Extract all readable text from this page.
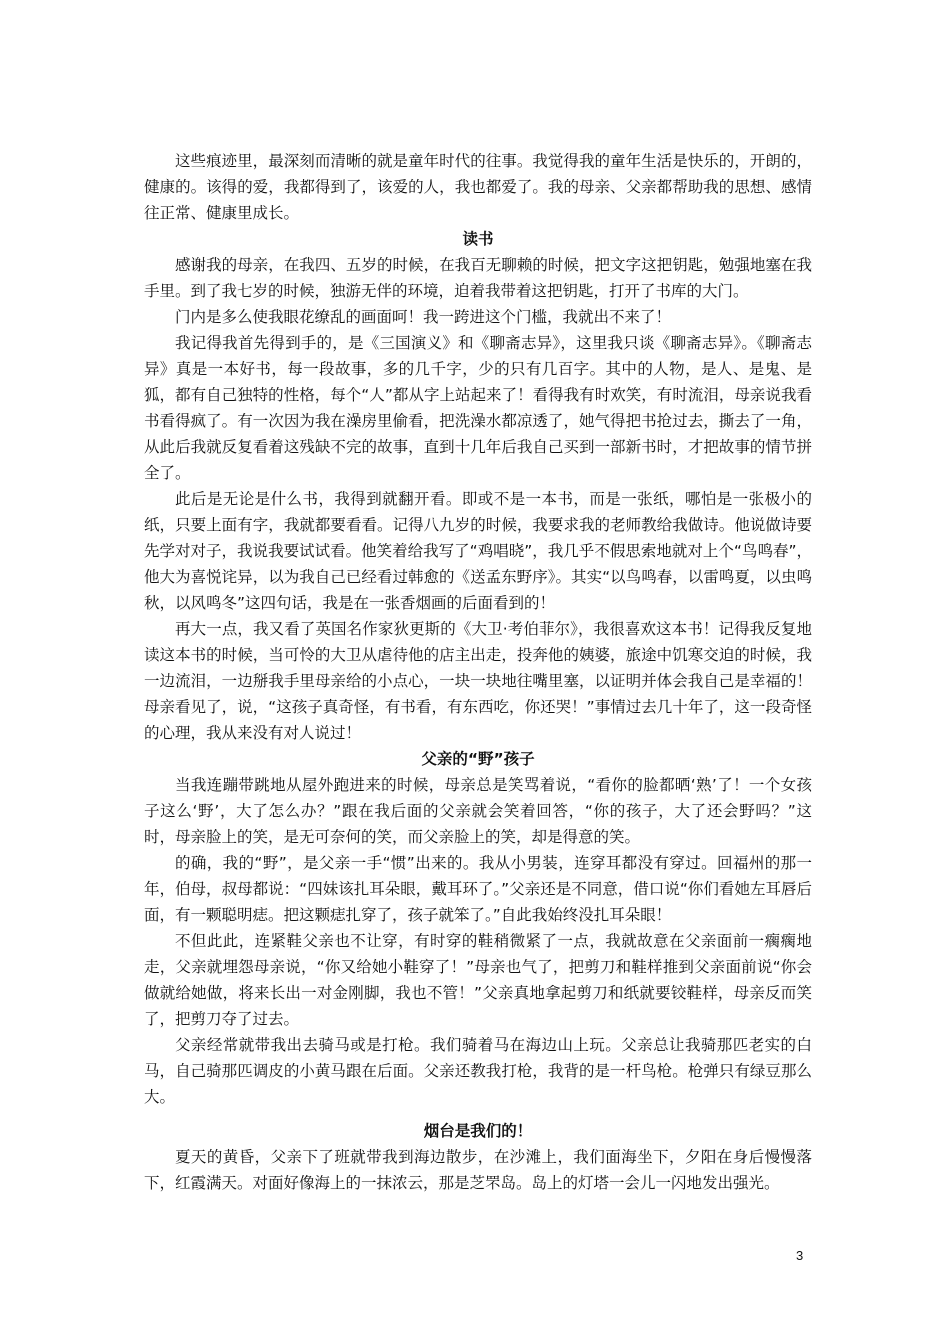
这些痕迹里，最深刻而清晰的就是童年时代的往事。我觉得我的童年生活是快乐的，开朗的，健康的。该得的爱，我都得到了，该爱的人，我也都爱了。我的母亲、父亲都帮助我的思想、感情往正常、健康里成长。

读书

感谢我的母亲，在我四、五岁的时候，在我百无聊赖的时候，把文字这把钥匙，勉强地塞在我手里。到了我七岁的时候，独游无伴的环境，迫着我带着这把钥匙，打开了书库的大门。

门内是多么使我眼花缭乱的画面呵！我一跨进这个门槛，我就出不来了！

我记得我首先得到手的，是《三国演义》和《聊斋志异》，这里我只谈《聊斋志异》。《聊斋志异》真是一本好书，每一段故事，多的几千字，少的只有几百字。其中的人物，是人、是鬼、是狐，都有自己独特的性格，每个“人”都从字上站起来了！看得我有时欢笑，有时流泪，母亲说我看书看得疯了。有一次因为我在澡房里偷看，把洗澡水都凉透了，她气得把书抢过去，撕去了一角，从此后我就反复看着这残缺不完的故事，直到十几年后我自己买到一部新书时，才把故事的情节拼全了。

此后是无论是什么书，我得到就翻开看。即或不是一本书，而是一张纸，哪怕是一张极小的纸，只要上面有字，我就都要看看。记得八九岁的时候，我要求我的老师教给我做诗。他说做诗要先学对对子，我说我要试试看。他笑着给我写了“鸡唱晓”，我几乎不假思索地就对上个“鸟鸣春”，他大为喜悦诧异，以为我自己已经看过韩愈的《送孟东野序》。其实“以鸟鸣春，以雷鸣夏，以虫鸣秋，以风鸣冬”这四句话，我是在一张香烟画的后面看到的！

再大一点，我又看了英国名作家狄更斯的《大卫·考伯菲尔》，我很喜欢这本书！记得我反复地读这本书的时候，当可怜的大卫从虐待他的店主出走，投奔他的姨婆，旅途中饥寒交迫的时候，我一边流泪，一边掰我手里母亲给的小点心，一块一块地往嘴里塞，以证明并体会我自己是幸福的！母亲看见了，说，“这孩子真奇怪，有书看，有东西吃，你还哭！”事情过去几十年了，这一段奇怪的心理，我从来没有对人说过！

父亲的“野”孩子

当我连蹦带跳地从屋外跑进来的时候，母亲总是笑骂着说，“看你的脸都晒‘熟’了！一个女孩子这么‘野’，大了怎么办？”跟在我后面的父亲就会笑着回答，“你的孩子，大了还会野吗？”这时，母亲脸上的笑，是无可奈何的笑，而父亲脸上的笑，却是得意的笑。

的确，我的“野”，是父亲一手“惯”出来的。我从小男装，连穿耳都没有穿过。回福州的那一年，伯母，叔母都说：“四妹该扎耳朵眼，戴耳环了。”父亲还是不同意，借口说“你们看她左耳唇后面，有一颗聪明痣。把这颗痣扎穿了，孩子就笨了。”自此我始终没扎耳朵眼！

不但此此，连紧鞋父亲也不让穿，有时穿的鞋稍微紧了一点，我就故意在父亲面前一瘸瘸地走，父亲就埋怨母亲说，“你又给她小鞋穿了！”母亲也气了，把剪刀和鞋样推到父亲面前说“你会做就给她做，将来长出一对金刚脚，我也不管！”父亲真地拿起剪刀和纸就要铰鞋样，母亲反而笑了，把剪刀夺了过去。

父亲经常就带我出去骑马或是打枪。我们骑着马在海边山上玩。父亲总让我骑那匹老实的白马，自己骑那匹调皮的小黄马跟在后面。父亲还教我打枪，我背的是一杆鸟枪。枪弹只有绿豆那么大。

烟台是我们的！

夏天的黄昏，父亲下了班就带我到海边散步，在沙滩上，我们面海坐下，夕阳在身后慢慢落下，红霞满天。对面好像海上的一抹浓云，那是芝罘岛。岛上的灯塔一会儿一闪地发出强光。

3
